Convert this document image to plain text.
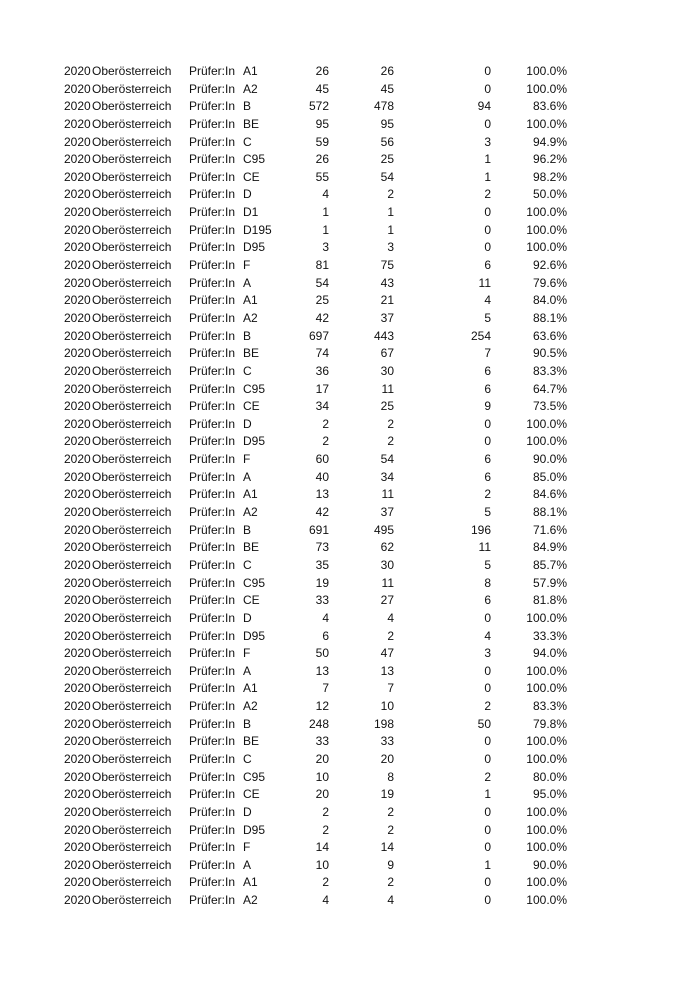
2020 Oberösterreich Prüfer:In A1	26	26	0	100.0%
2020 Oberösterreich Prüfer:In A2	45	45	0	100.0%
2020 Oberösterreich Prüfer:In B	572	478	94	83.6%
2020 Oberösterreich Prüfer:In BE	95	95	0	100.0%
2020 Oberösterreich Prüfer:In C	59	56	3	94.9%
2020 Oberösterreich Prüfer:In C95	26	25	1	96.2%
2020 Oberösterreich Prüfer:In CE	55	54	1	98.2%
2020 Oberösterreich Prüfer:In D	4	2	2	50.0%
2020 Oberösterreich Prüfer:In D1	1	1	0	100.0%
2020 Oberösterreich Prüfer:In D195	1	1	0	100.0%
2020 Oberösterreich Prüfer:In D95	3	3	0	100.0%
2020 Oberösterreich Prüfer:In F	81	75	6	92.6%
2020 Oberösterreich Prüfer:In A	54	43	11	79.6%
2020 Oberösterreich Prüfer:In A1	25	21	4	84.0%
2020 Oberösterreich Prüfer:In A2	42	37	5	88.1%
2020 Oberösterreich Prüfer:In B	697	443	254	63.6%
2020 Oberösterreich Prüfer:In BE	74	67	7	90.5%
2020 Oberösterreich Prüfer:In C	36	30	6	83.3%
2020 Oberösterreich Prüfer:In C95	17	11	6	64.7%
2020 Oberösterreich Prüfer:In CE	34	25	9	73.5%
2020 Oberösterreich Prüfer:In D	2	2	0	100.0%
2020 Oberösterreich Prüfer:In D95	2	2	0	100.0%
2020 Oberösterreich Prüfer:In F	60	54	6	90.0%
2020 Oberösterreich Prüfer:In A	40	34	6	85.0%
2020 Oberösterreich Prüfer:In A1	13	11	2	84.6%
2020 Oberösterreich Prüfer:In A2	42	37	5	88.1%
2020 Oberösterreich Prüfer:In B	691	495	196	71.6%
2020 Oberösterreich Prüfer:In BE	73	62	11	84.9%
2020 Oberösterreich Prüfer:In C	35	30	5	85.7%
2020 Oberösterreich Prüfer:In C95	19	11	8	57.9%
2020 Oberösterreich Prüfer:In CE	33	27	6	81.8%
2020 Oberösterreich Prüfer:In D	4	4	0	100.0%
2020 Oberösterreich Prüfer:In D95	6	2	4	33.3%
2020 Oberösterreich Prüfer:In F	50	47	3	94.0%
2020 Oberösterreich Prüfer:In A	13	13	0	100.0%
2020 Oberösterreich Prüfer:In A1	7	7	0	100.0%
2020 Oberösterreich Prüfer:In A2	12	10	2	83.3%
2020 Oberösterreich Prüfer:In B	248	198	50	79.8%
2020 Oberösterreich Prüfer:In BE	33	33	0	100.0%
2020 Oberösterreich Prüfer:In C	20	20	0	100.0%
2020 Oberösterreich Prüfer:In C95	10	8	2	80.0%
2020 Oberösterreich Prüfer:In CE	20	19	1	95.0%
2020 Oberösterreich Prüfer:In D	2	2	0	100.0%
2020 Oberösterreich Prüfer:In D95	2	2	0	100.0%
2020 Oberösterreich Prüfer:In F	14	14	0	100.0%
2020 Oberösterreich Prüfer:In A	10	9	1	90.0%
2020 Oberösterreich Prüfer:In A1	2	2	0	100.0%
2020 Oberösterreich Prüfer:In A2	4	4	0	100.0%
